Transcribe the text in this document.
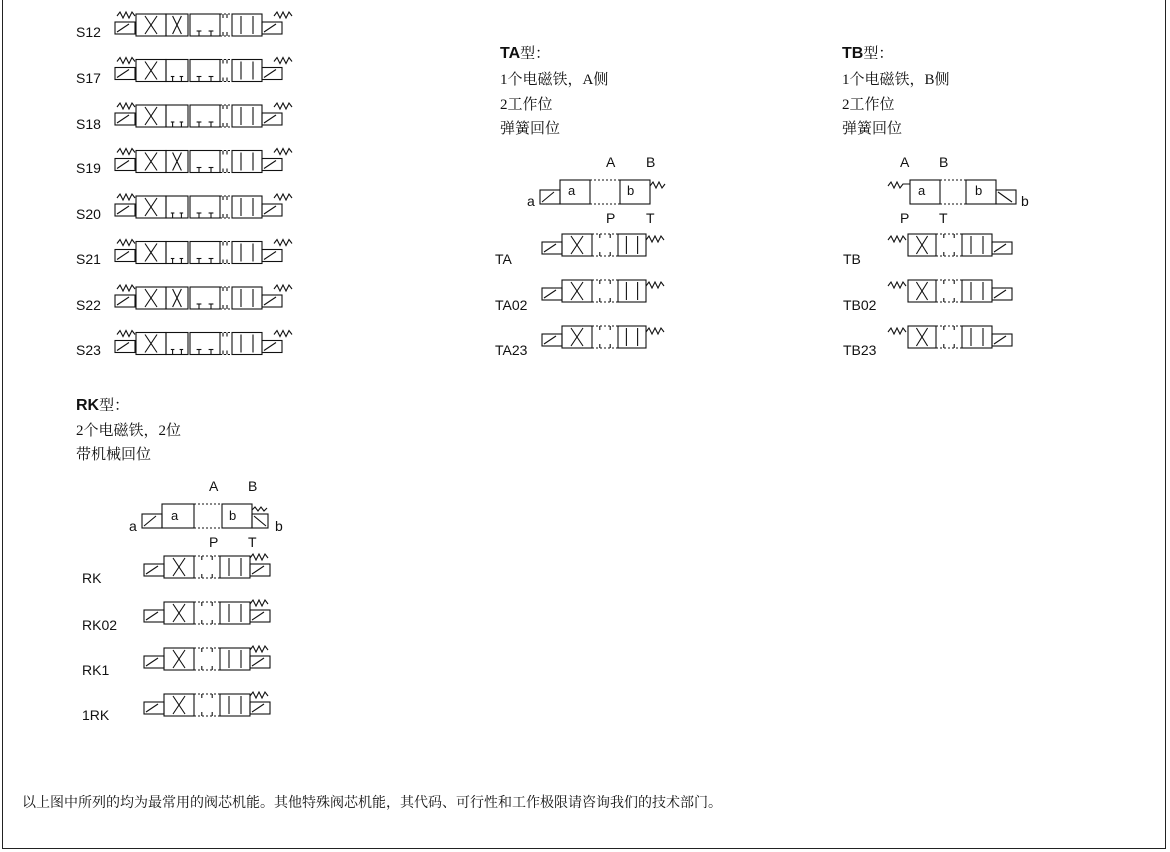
S12
S17
S18
S19
S20
S21
S22
S23
TA型：
1个电磁铁，A侧
2工作位
弹簧回位
A B
P T
a
a	b
TA
TA02
TA23
TB型：
1个电磁铁，B侧
2工作位
弹簧回位
A B
P T
b
a	b
TB
TB02
TB23
RK型：
2个电磁铁，2位
带机械回位
A B
P T
a	b
a	b
RK
RK02
RK1
1RK
以上图中所列的均为最常用的阀芯机能。其他特殊阀芯机能，其代码、可行性和工作极限请咨询我们的技术部门。
